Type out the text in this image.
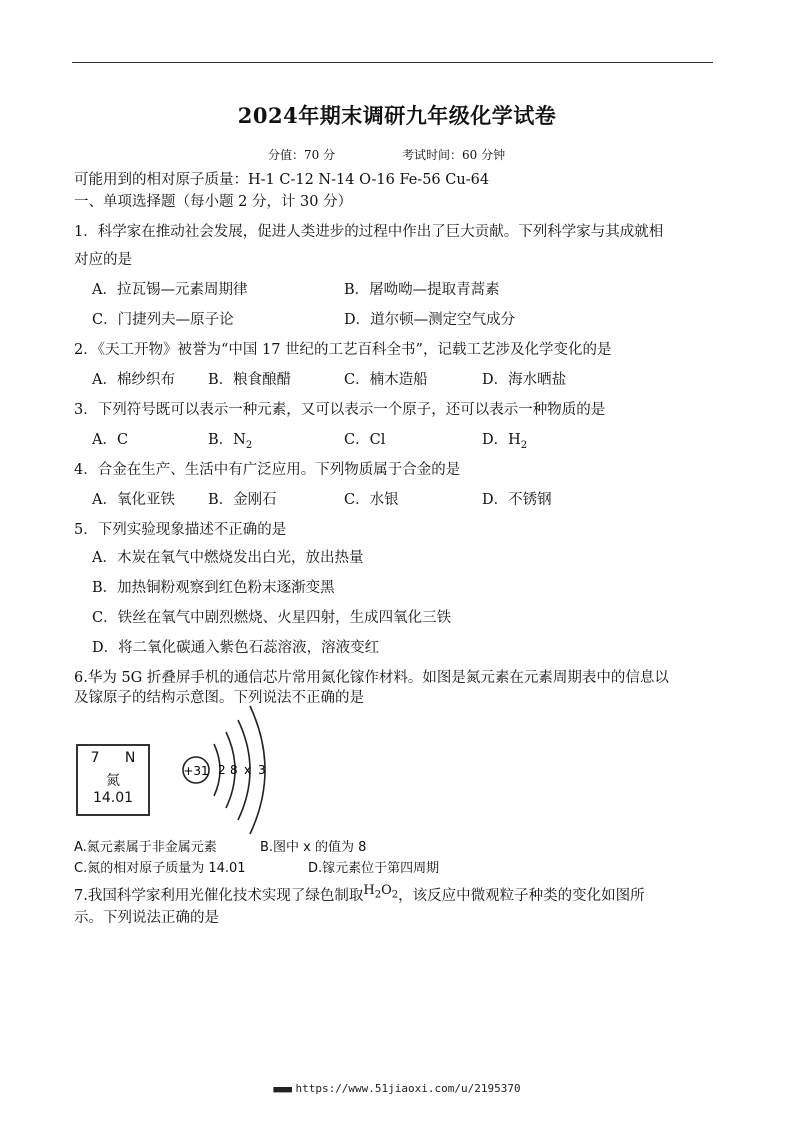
2024年期末调研九年级化学试卷
分值：70 分	考试时间：60 分钟
可能用到的相对原子质量：H-1 C-12 N-14 O-16 Fe-56 Cu-64
一、单项选择题（每小题 2 分，计 30 分）
1．科学家在推动社会发展，促进人类进步的过程中作出了巨大贡献。下列科学家与其成就相
对应的是
A．拉瓦锡—元素周期律	B．屠呦呦—提取青蒿素
C．门捷列夫—原子论	D．道尔顿—测定空气成分
2．《天工开物》被誉为“中国 17 世纪的工艺百科全书”，记载工艺涉及化学变化的是
A．棉纱织布 B．粮食酿醋	C．楠木造船	D．海水晒盐
3．下列符号既可以表示一种元素，又可以表示一个原子，还可以表示一种物质的是
A．C	B．$N_2$	C．Cl	D．$H_2$
4．合金在生产、生活中有广泛应用。下列物质属于合金的是
A．氧化亚铁 B．金刚石	C．水银	D．不锈钢
5．下列实验现象描述不正确的是
A．木炭在氧气中燃烧发出白光，放出热量
B．加热铜粉观察到红色粉末逐渐变黑
C．铁丝在氧气中剧烈燃烧、火星四射，生成四氧化三铁
D．将二氧化碳通入紫色石蕊溶液，溶液变红
6.华为 5G 折叠屏手机的通信芯片常用氮化镓作材料。如图是氮元素在元素周期表中的信息以
及镓原子的结构示意图。下列说法不正确的是
7 N
氮
14.01
+31 2 8 x 3
A.氮元素属于非金属元素	B.图中 x 的值为 8
C.氮的相对原子质量为 14.01	D.镓元素位于第四周期
7.我国科学家利用光催化技术实现了绿色制取$H_2O_2$，该反应中微观粒子种类的变化如图所
示。下列说法正确的是
■■■■ https://www.51jiaoxi.com/u/2195370
